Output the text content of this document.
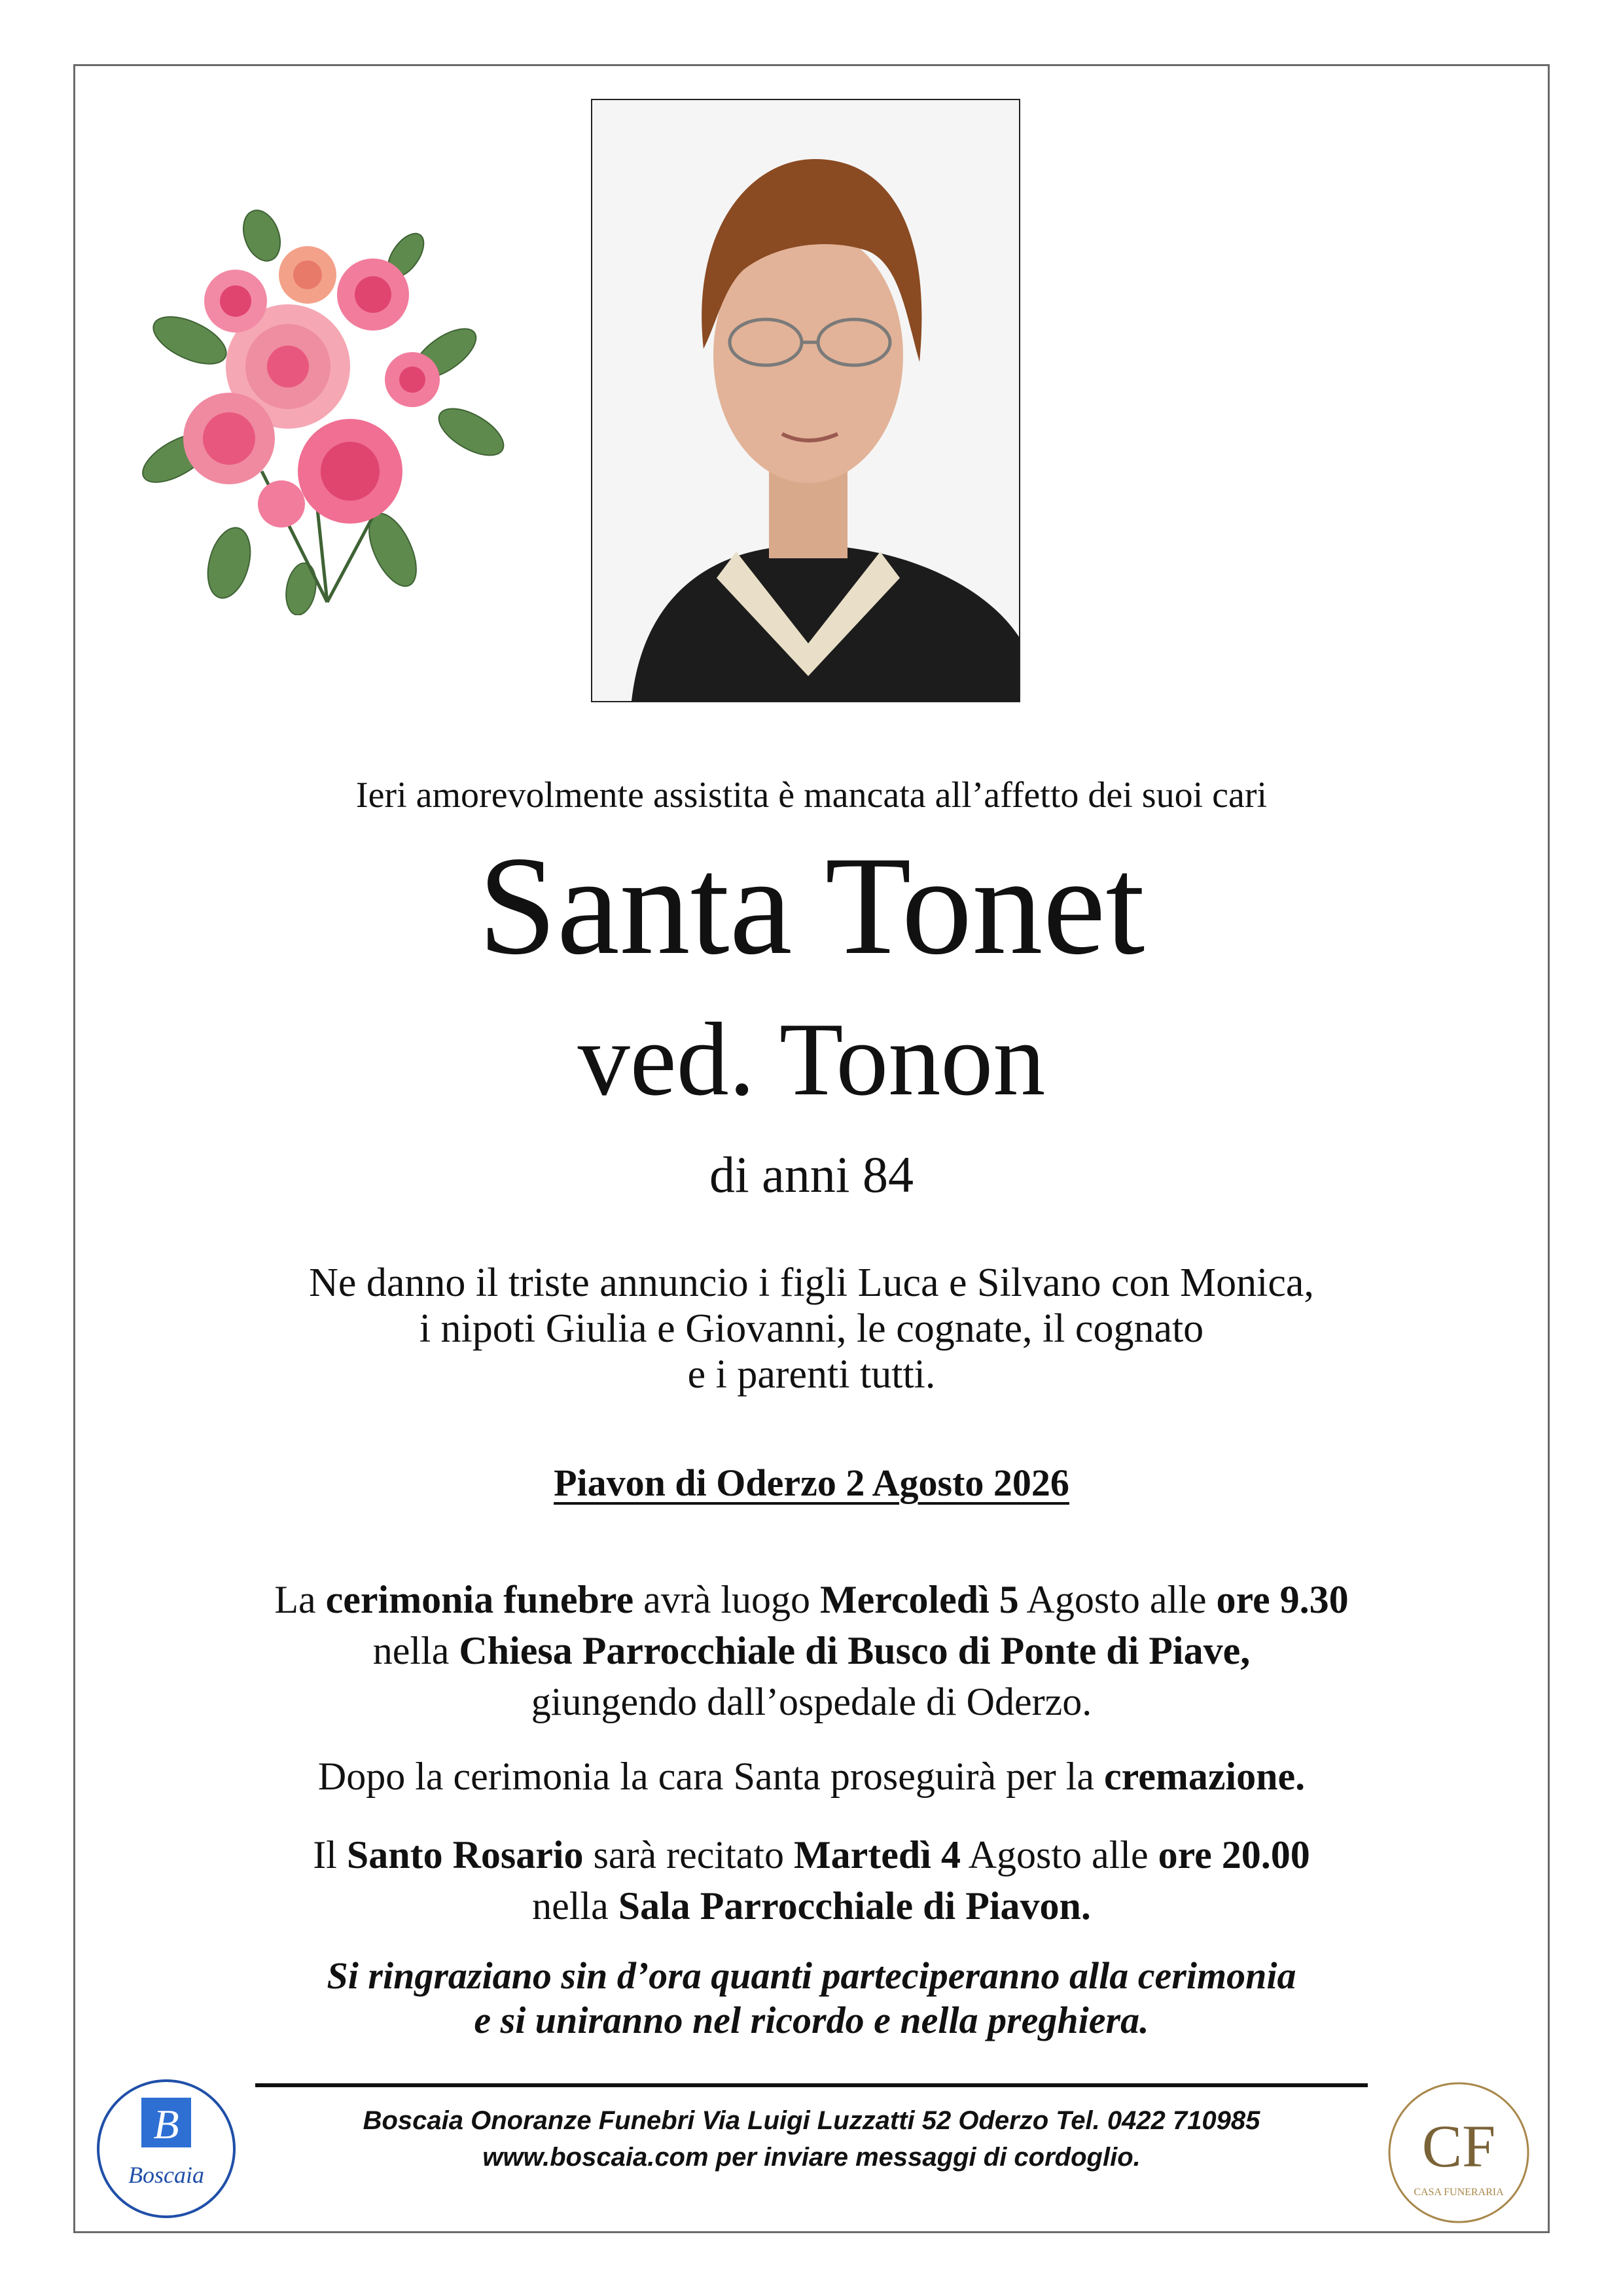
Ieri amorevolmente assistita è mancata all’affetto dei suoi cari
Santa Tonet
ved. Tonon
di anni 84
Ne danno il triste annuncio i figli Luca e Silvano con Monica,
i nipoti Giulia e Giovanni, le cognate, il cognato
e i parenti tutti.
Piavon di Oderzo 2 Agosto 2026
La cerimonia funebre avrà luogo Mercoledì 5 Agosto alle ore 9.30
nella Chiesa Parrocchiale di Busco di Ponte di Piave,
giungendo dall’ospedale di Oderzo.
Dopo la cerimonia la cara Santa proseguirà per la cremazione.
Il Santo Rosario sarà recitato Martedì 4 Agosto alle ore 20.00
nella Sala Parrocchiale di Piavon.
Si ringraziano sin d’ora quanti parteciperanno alla cerimonia
e si uniranno nel ricordo e nella preghiera.
B
Boscaia
Boscaia Onoranze Funebri Via Luigi Luzzatti 52 Oderzo Tel. 0422 710985
www.boscaia.com per inviare messaggi di cordoglio.	CF
CASA FUNERARIA
